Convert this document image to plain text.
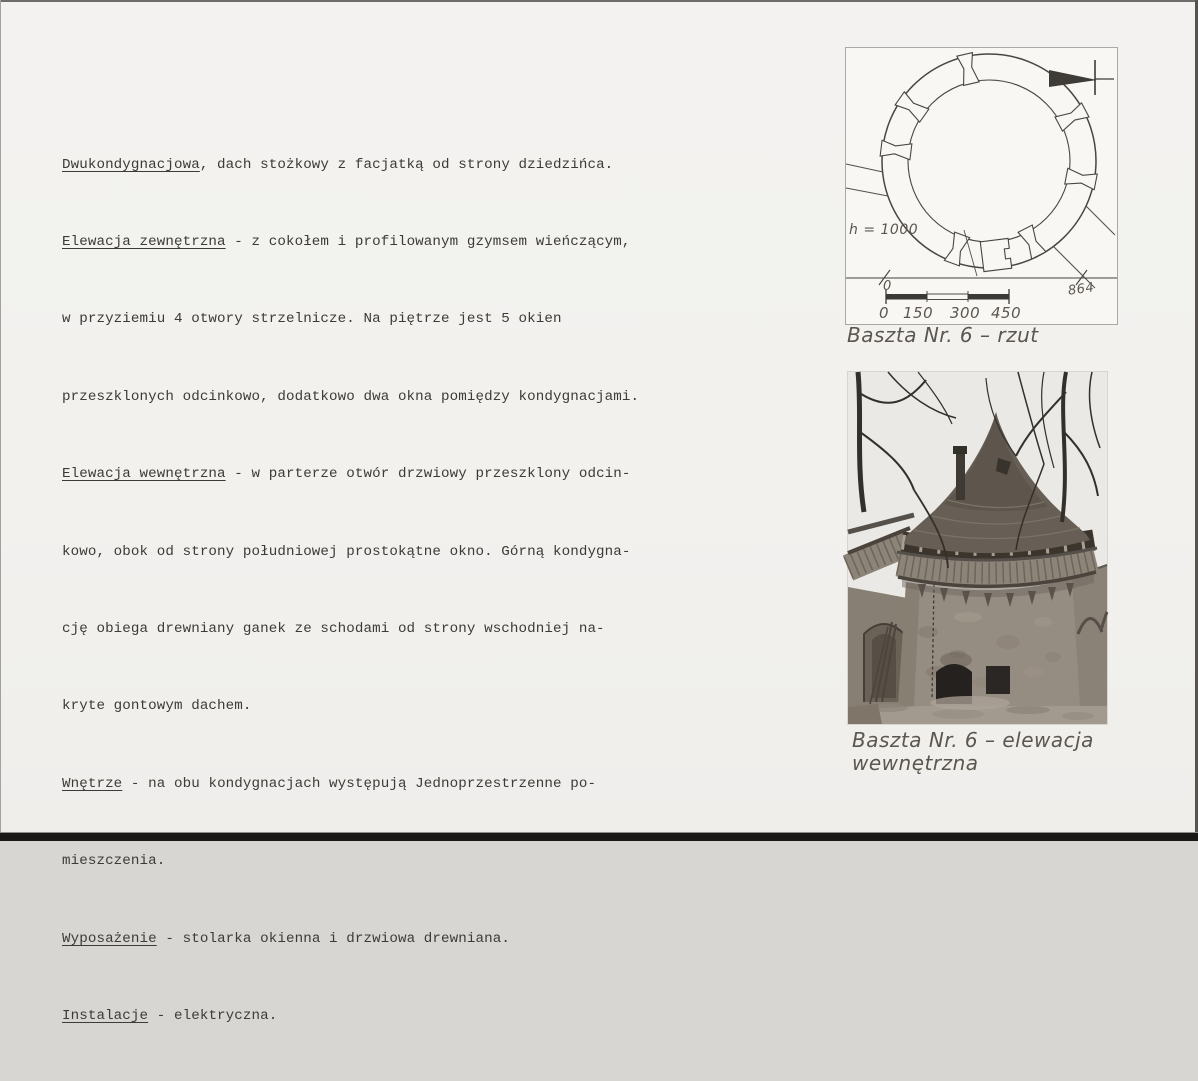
Dwukondygnacjowa, dach stożkowy z facjatką od strony dziedzińca.

Elewacja zewnętrzna - z cokołem i profilowanym gzymsem wieńczącym,

w przyziemiu 4 otwory strzelnicze. Na piętrze jest 5 okien

przeszklonych odcinkowo, dodatkowo dwa okna pomiędzy kondygnacjami.

Elewacja wewnętrzna - w parterze otwór drzwiowy przeszklony odcin-

kowo, obok od strony południowej prostokątne okno. Górną kondygna-

cję obiega drewniany ganek ze schodami od strony wschodniej na-

kryte gontowym dachem.

Wnętrze - na obu kondygnacjach występują Jednoprzestrzenne po-

mieszczenia.

Wyposażenie - stolarka okienna i drzwiowa drewniana.

Instalacje - elektryczna.

h = 1000
0	864
0 150 300 450
Baszta Nr. 6 – rzut
Baszta Nr. 6 – elewacja
wewnętrzna
